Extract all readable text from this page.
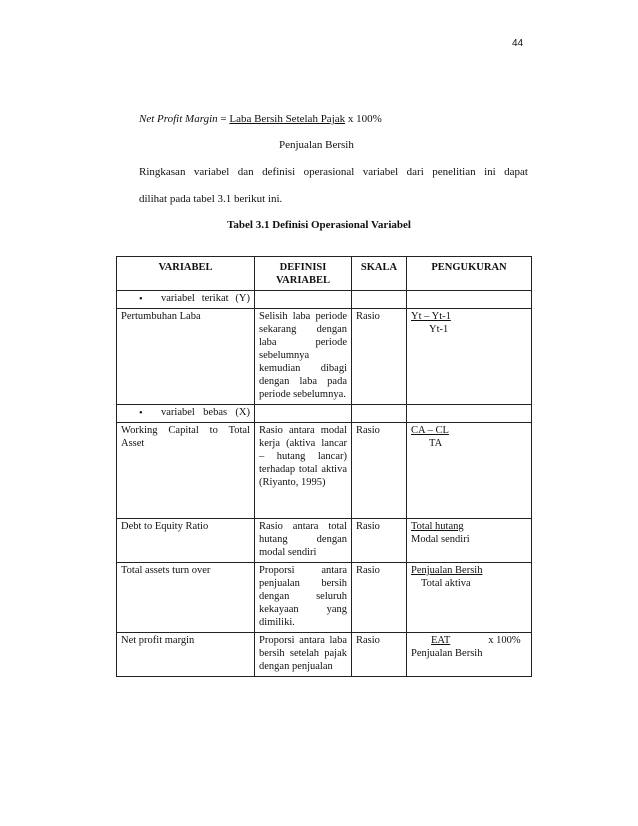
44
Net Profit Margin = Laba Bersih Setelah Pajak x 100%
Penjualan Bersih
Ringkasan variabel dan definisi operasional variabel dari penelitian ini dapat
dilihat pada tabel 3.1 berikut ini.
Tabel 3.1 Definisi Operasional Variabel
VARIABEL	DEFINISI VARIABEL	SKALA	PENGUKURAN

• variabel terikat (Y)			

Pertumbuhan Laba	Selisih laba periode sekarang dengan laba periode sebelumnya kemudian dibagi dengan laba pada periode sebelumnya.	Rasio	Yt – Yt-1
Yt-1

• variabel bebas (X)			

Working Capital to Total Asset	Rasio antara modal kerja (aktiva lancar – hutang lancar) terhadap total aktiva (Riyanto, 1995)	Rasio	CA – CL
TA

Debt to Equity Ratio	Rasio antara total hutang dengan modal sendiri	Rasio	Total hutang
Modal sendiri

Total assets turn over	Proporsi antara penjualan bersih dengan seluruh kekayaan yang dimiliki.	Rasio	Penjualan Bersih
Total aktiva

Net profit margin	Proporsi antara laba bersih setelah pajak dengan penjualan	Rasio	EAT x 100%
Penjualan Bersih
